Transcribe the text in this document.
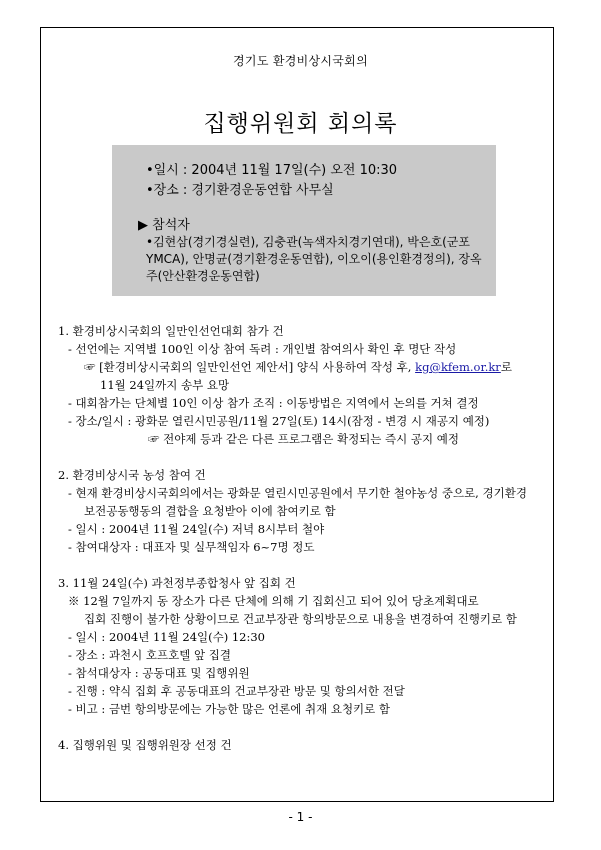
경기도 환경비상시국회의
집행위원회 회의록
•일시 : 2004년 11월 17일(수) 오전 10:30
•장소 : 경기환경운동연합 사무실
▶ 참석자
•김현삼(경기경실련), 김충관(녹색자치경기연대), 박은호(군포YMCA), 안명균(경기환경운동연합), 이오이(용인환경정의), 장옥주(안산환경운동연합)
1. 환경비상시국회의 일만인선언대회 참가 건
- 선언에는 지역별 100인 이상 참여 독려 : 개인별 참여의사 확인 후 명단 작성
☞ [환경비상시국회의 일만인선언 제안서] 양식 사용하여 작성 후, kg@kfem.or.kr로
11월 24일까지 송부 요망
- 대회참가는 단체별 10인 이상 참가 조직 : 이동방법은 지역에서 논의를 거쳐 결정
- 장소/일시 : 광화문 열린시민공원/11월 27일(토) 14시(잠정 - 변경 시 재공지 예정)
☞ 전야제 등과 같은 다른 프로그램은 확정되는 즉시 공지 예정
2. 환경비상시국 농성 참여 건
- 현재 환경비상시국회의에서는 광화문 열린시민공원에서 무기한 철야농성 중으로, 경기환경
보전공동행동의 결합을 요청받아 이에 참여키로 함
- 일시 : 2004년 11월 24일(수) 저녁 8시부터 철야
- 참여대상자 : 대표자 및 실무책임자 6~7명 정도
3. 11월 24일(수) 과천정부종합청사 앞 집회 건
※ 12월 7일까지 동 장소가 다른 단체에 의해 기 집회신고 되어 있어 당초계획대로
집회 진행이 불가한 상황이므로 건교부장관 항의방문으로 내용을 변경하여 진행키로 함
- 일시 : 2004년 11월 24일(수) 12:30
- 장소 : 과천시 호프호텔 앞 집결
- 참석대상자 : 공동대표 및 집행위원
- 진행 : 약식 집회 후 공동대표의 건교부장관 방문 및 항의서한 전달
- 비고 : 금번 항의방문에는 가능한 많은 언론에 취재 요청키로 함
4. 집행위원 및 집행위원장 선정 건
- 1 -
